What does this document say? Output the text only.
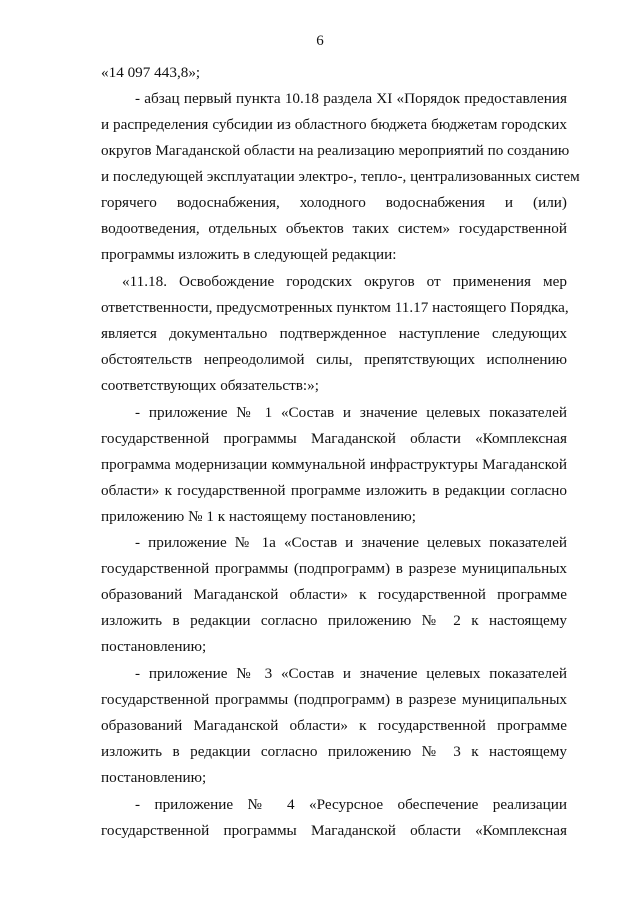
6
«14 097 443,8»;
- абзац первый пункта 10.18 раздела XI «Порядок предоставления
и распределения субсидии из областного бюджета бюджетам городских
округов Магаданской области на реализацию мероприятий по созданию
и последующей эксплуатации электро-, тепло-, централизованных систем
горячего водоснабжения, холодного водоснабжения и (или)
водоотведения, отдельных объектов таких систем» государственной
программы изложить в следующей редакции:
«11.18. Освобождение городских округов от применения мер
ответственности, предусмотренных пунктом 11.17 настоящего Порядка,
является документально подтвержденное наступление следующих
обстоятельств непреодолимой силы, препятствующих исполнению
соответствующих обязательств:»;
- приложение № 1 «Состав и значение целевых показателей
государственной программы Магаданской области «Комплексная
программа модернизации коммунальной инфраструктуры Магаданской
области» к государственной программе изложить в редакции согласно
приложению № 1 к настоящему постановлению;
- приложение № 1а «Состав и значение целевых показателей
государственной программы (подпрограмм) в разрезе муниципальных
образований Магаданской области» к государственной программе
изложить в редакции согласно приложению № 2 к настоящему
постановлению;
- приложение № 3 «Состав и значение целевых показателей
государственной программы (подпрограмм) в разрезе муниципальных
образований Магаданской области» к государственной программе
изложить в редакции согласно приложению № 3 к настоящему
постановлению;
- приложение № 4 «Ресурсное обеспечение реализации
государственной программы Магаданской области «Комплексная
